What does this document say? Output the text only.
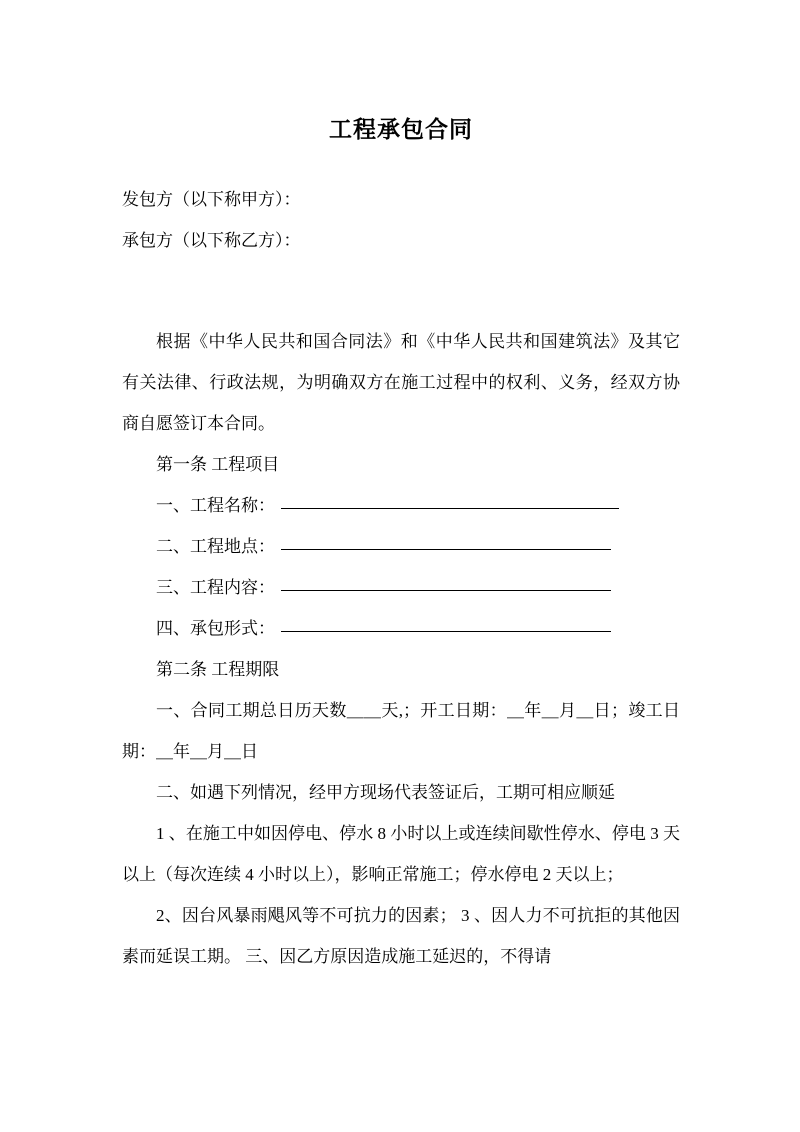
工程承包合同

发包方（以下称甲方）：

承包方（以下称乙方）：

根据《中华人民共和国合同法》和《中华人民共和国建筑法》及其它有关法律、行政法规，为明确双方在施工过程中的权利、义务，经双方协商自愿签订本合同。

第一条 工程项目

一、工程名称：
二、工程地点：
三、工程内容：
四、承包形式：

第二条 工程期限

一、合同工期总日历天数＿＿天,；开工日期：＿年＿月＿日；竣工日期：＿年＿月＿日

二、如遇下列情况，经甲方现场代表签证后，工期可相应顺延

1 、在施工中如因停电、停水 8 小时以上或连续间歇性停水、停电 3 天以上（每次连续 4 小时以上），影响正常施工；停水停电 2 天以上；

2、因台风暴雨飓风等不可抗力的因素； 3 、因人力不可抗拒的其他因素而延误工期。 三、因乙方原因造成施工延迟的，不得请
